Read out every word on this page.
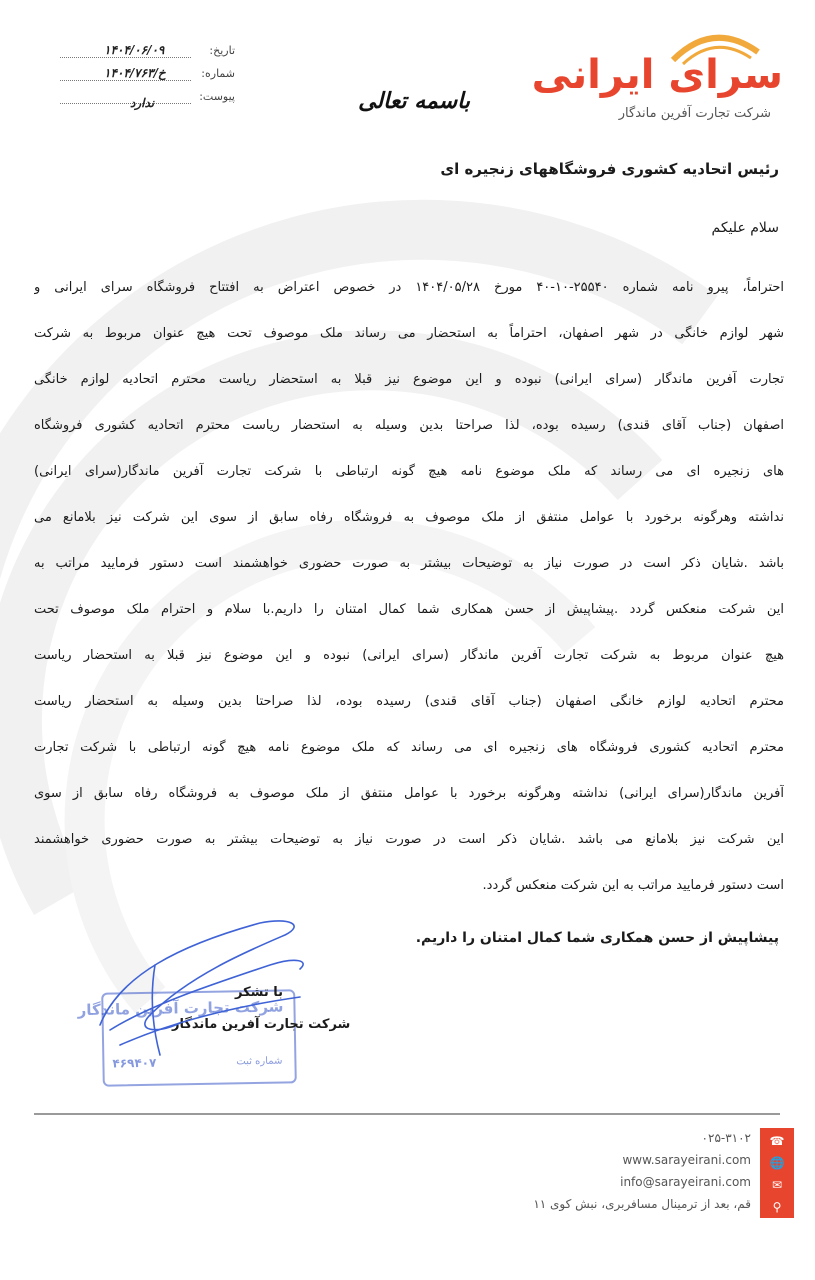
سرای ایرانی
شرکت تجارت آفرین ماندگار
تاریخ:
۱۴۰۴/۰۶/۰۹
شماره:
۱۴۰۴/خ/۷۶۳
پیوست:
ندارد	باسمه تعالی
رئیس اتحادیه کشوری فروشگاههای زنجیره ای
سلام علیکم
احتراماً، پیرو نامه شماره ۲۵۵۴۰-۱۰-۴۰ مورخ ۱۴۰۴/۰۵/۲۸ در خصوص اعتراض به افتتاح فروشگاه سرای ایرانی و
شهر لوازم خانگی در شهر اصفهان، احتراماً به استحضار می رساند ملک موصوف تحت هیچ عنوان مربوط به شرکت
تجارت آفرین ماندگار (سرای ایرانی) نبوده و این موضوع نیز قبلا به استحضار ریاست محترم اتحادیه لوازم خانگی
اصفهان (جناب آقای قندی) رسیده بوده، لذا صراحتا بدین وسیله به استحضار ریاست محترم اتحادیه کشوری فروشگاه
های زنجیره ای می رساند که ملک موضوع نامه هیچ گونه ارتباطی با شرکت تجارت آفرین ماندگار(سرای ایرانی)
نداشته وهرگونه برخورد با عوامل منتفق از ملک موصوف به فروشگاه رفاه سابق از سوی این شرکت نیز بلامانع می
باشد .شایان ذکر است در صورت نیاز به توضیحات بیشتر به صورت حضوری خواهشمند است دستور فرمایید مراتب به
این شرکت منعکس گردد .پیشاپیش از حسن همکاری شما کمال امتنان را داریم.با سلام و احترام ملک موصوف تحت
هیچ عنوان مربوط به شرکت تجارت آفرین ماندگار (سرای ایرانی) نبوده و این موضوع نیز قبلا به استحضار ریاست
محترم اتحادیه لوازم خانگی اصفهان (جناب آقای قندی) رسیده بوده، لذا صراحتا بدین وسیله به استحضار ریاست
محترم اتحادیه کشوری فروشگاه های زنجیره ای می رساند که ملک موضوع نامه هیچ گونه ارتباطی با شرکت تجارت
آفرین ماندگار(سرای ایرانی) نداشته وهرگونه برخورد با عوامل منتفق از ملک موصوف به فروشگاه رفاه سابق از سوی
این شرکت نیز بلامانع می باشد .شایان ذکر است در صورت نیاز به توضیحات بیشتر به صورت حضوری خواهشمند
است دستور فرمایید مراتب به این شرکت منعکس گردد.
پیشاپیش از حسن همکاری شما کمال امتنان را داریم.
شرکت تجارت آفرین ماندگار
۴۶۹۴۰۷	شماره ثبت
با تشکر
شرکت تجارت آفرین ماندگار
☎
🌐
✉
⚲
۰۲۵-۳۱۰۲
www.sarayeirani.com
info@sarayeirani.com
قم، بعد از ترمینال مسافربری، نبش کوی ۱۱
